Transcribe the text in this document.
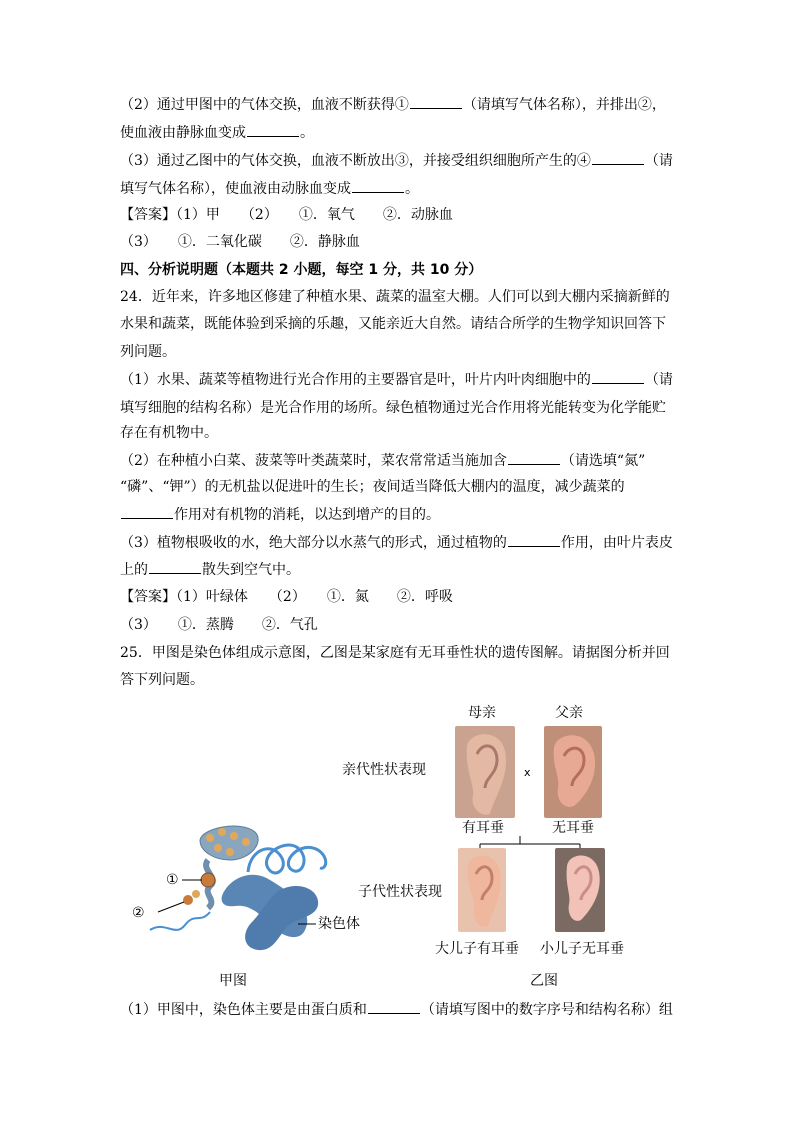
（2）通过甲图中的气体交换，血液不断获得①	（请填写气体名称），并排出②，
使血液由静脉血变成	。
（3）通过乙图中的气体交换，血液不断放出③，并接受组织细胞所产生的④	（请
填写气体名称），使血液由动脉血变成	。
【答案】（1）甲　　（2）　　①．氧气　　②．动脉血
（3）　　①．二氧化碳　　②．静脉血
四、分析说明题（本题共 2 小题，每空 1 分，共 10 分）
24．近年来，许多地区修建了种植水果、蔬菜的温室大棚。人们可以到大棚内采摘新鲜的
水果和蔬菜，既能体验到采摘的乐趣，又能亲近大自然。请结合所学的生物学知识回答下
列问题。
（1）水果、蔬菜等植物进行光合作用的主要器官是叶，叶片内叶肉细胞中的	（请
填写细胞的结构名称）是光合作用的场所。绿色植物通过光合作用将光能转变为化学能贮
存在有机物中。
（2）在种植小白菜、菠菜等叶类蔬菜时，菜农常常适当施加含	（请选填“氮”
“磷”、“钾”）的无机盐以促进叶的生长；夜间适当降低大棚内的温度，减少蔬菜的
作用对有机物的消耗，以达到增产的目的。
（3）植物根吸收的水，绝大部分以水蒸气的形式，通过植物的	作用，由叶片表皮
上的	散失到空气中。
【答案】（1）叶绿体　　（2）　　①．氮　　②．呼吸
（3）　　①．蒸腾　　②．气孔
25．甲图是染色体组成示意图，乙图是某家庭有无耳垂性状的遗传图解。请据图分析并回
答下列问题。
（1）甲图中，染色体主要是由蛋白质和	（请填写图中的数字序号和结构名称）组
①
②
染色体
母亲	父亲
亲代性状表现	x
有耳垂	无耳垂
子代性状表现
大儿子有耳垂 小儿子无耳垂
甲图	乙图
